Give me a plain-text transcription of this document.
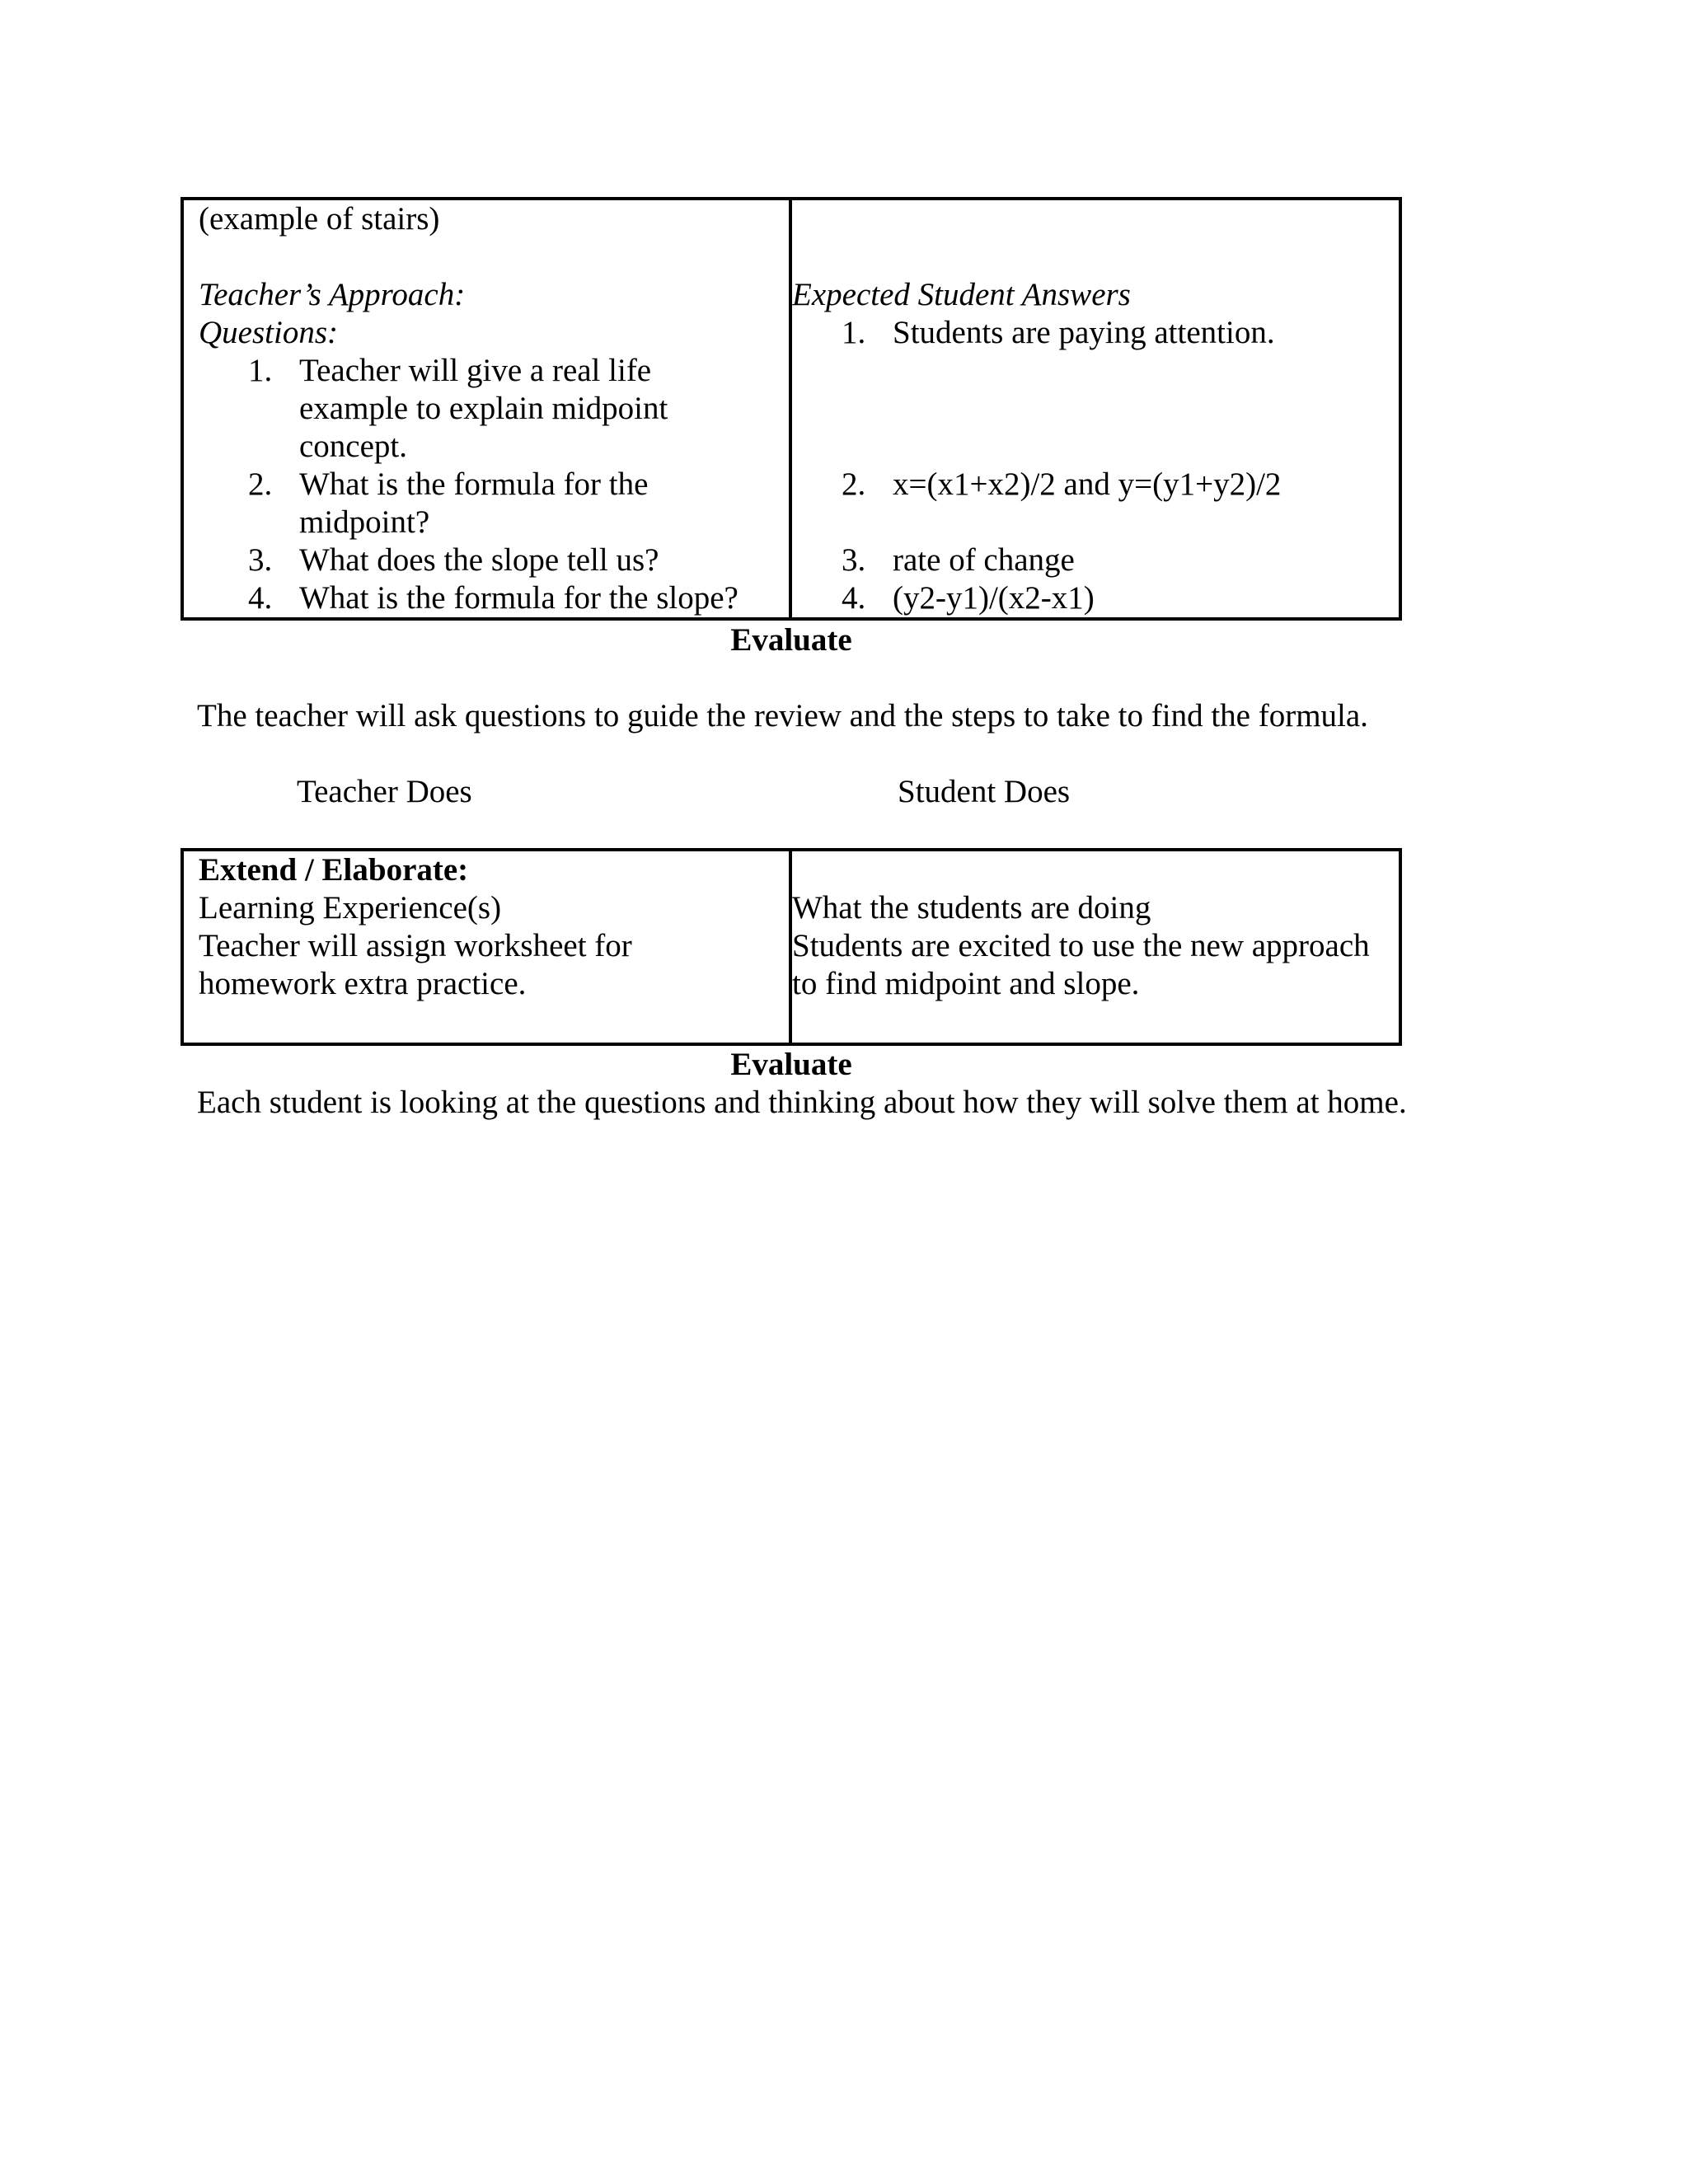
(example of stairs)
Teacher’s Approach:
Questions:
1. Teacher will give a real life
example to explain midpoint
concept.
2. What is the formula for the
midpoint?
3. What does the slope tell us?
4. What is the formula for the slope?
Expected Student Answers
1. Students are paying attention.
2. x=(x1+x2)/2 and y=(y1+y2)/2
3. rate of change
4. (y2-y1)/(x2-x1)
Evaluate
The teacher will ask questions to guide the review and the steps to take to find the formula.
Teacher Does	Student Does
Extend / Elaborate:
Learning Experience(s)
Teacher will assign worksheet for
homework extra practice.
What the students are doing
Students are excited to use the new approach
to find midpoint and slope.
Evaluate
Each student is looking at the questions and thinking about how they will solve them at home.
